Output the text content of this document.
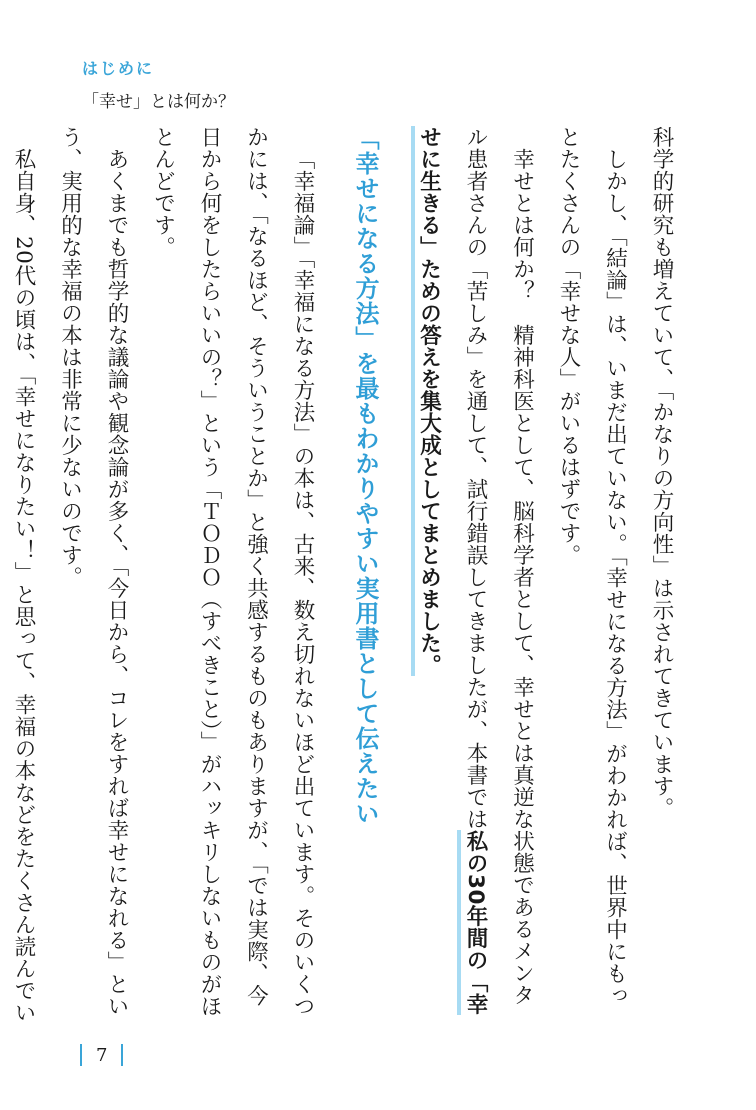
はじめに
「幸せ」とは何か？

科学的研究も増えていて、「かなりの方向性」は示されてきています。

しかし、「結論」は、いまだ出ていない。「幸せになる方法」がわかれば、世界中にもっとたくさんの「幸せな人」がいるはずです。

幸せとは何か？　精神科医として、脳科学者として、幸せとは真逆な状態であるメンタル患者さんの「苦しみ」を通して、試行錯誤してきましたが、本書では私の30年間の「幸せに生きる」ための答えを集大成としてまとめました。

「幸せになる方法」を最もわかりやすい実用書として伝えたい

「幸福論」「幸福になる方法」の本は、古来、数え切れないほど出ています。そのいくつかには、「なるほど、そういうことか」と強く共感するものもありますが、「では実際、今日から何をしたらいいの？」という「ＴＯＤＯ（すべきこと）」がハッキリしないものがほとんどです。

あくまでも哲学的な議論や観念論が多く、「今日から、コレをすれば幸せになれる」という、実用的な幸福の本は非常に少ないのです。

私自身、20代の頃は、「幸せになりたい！」と思って、幸福の本などをたくさん読んでい

7
